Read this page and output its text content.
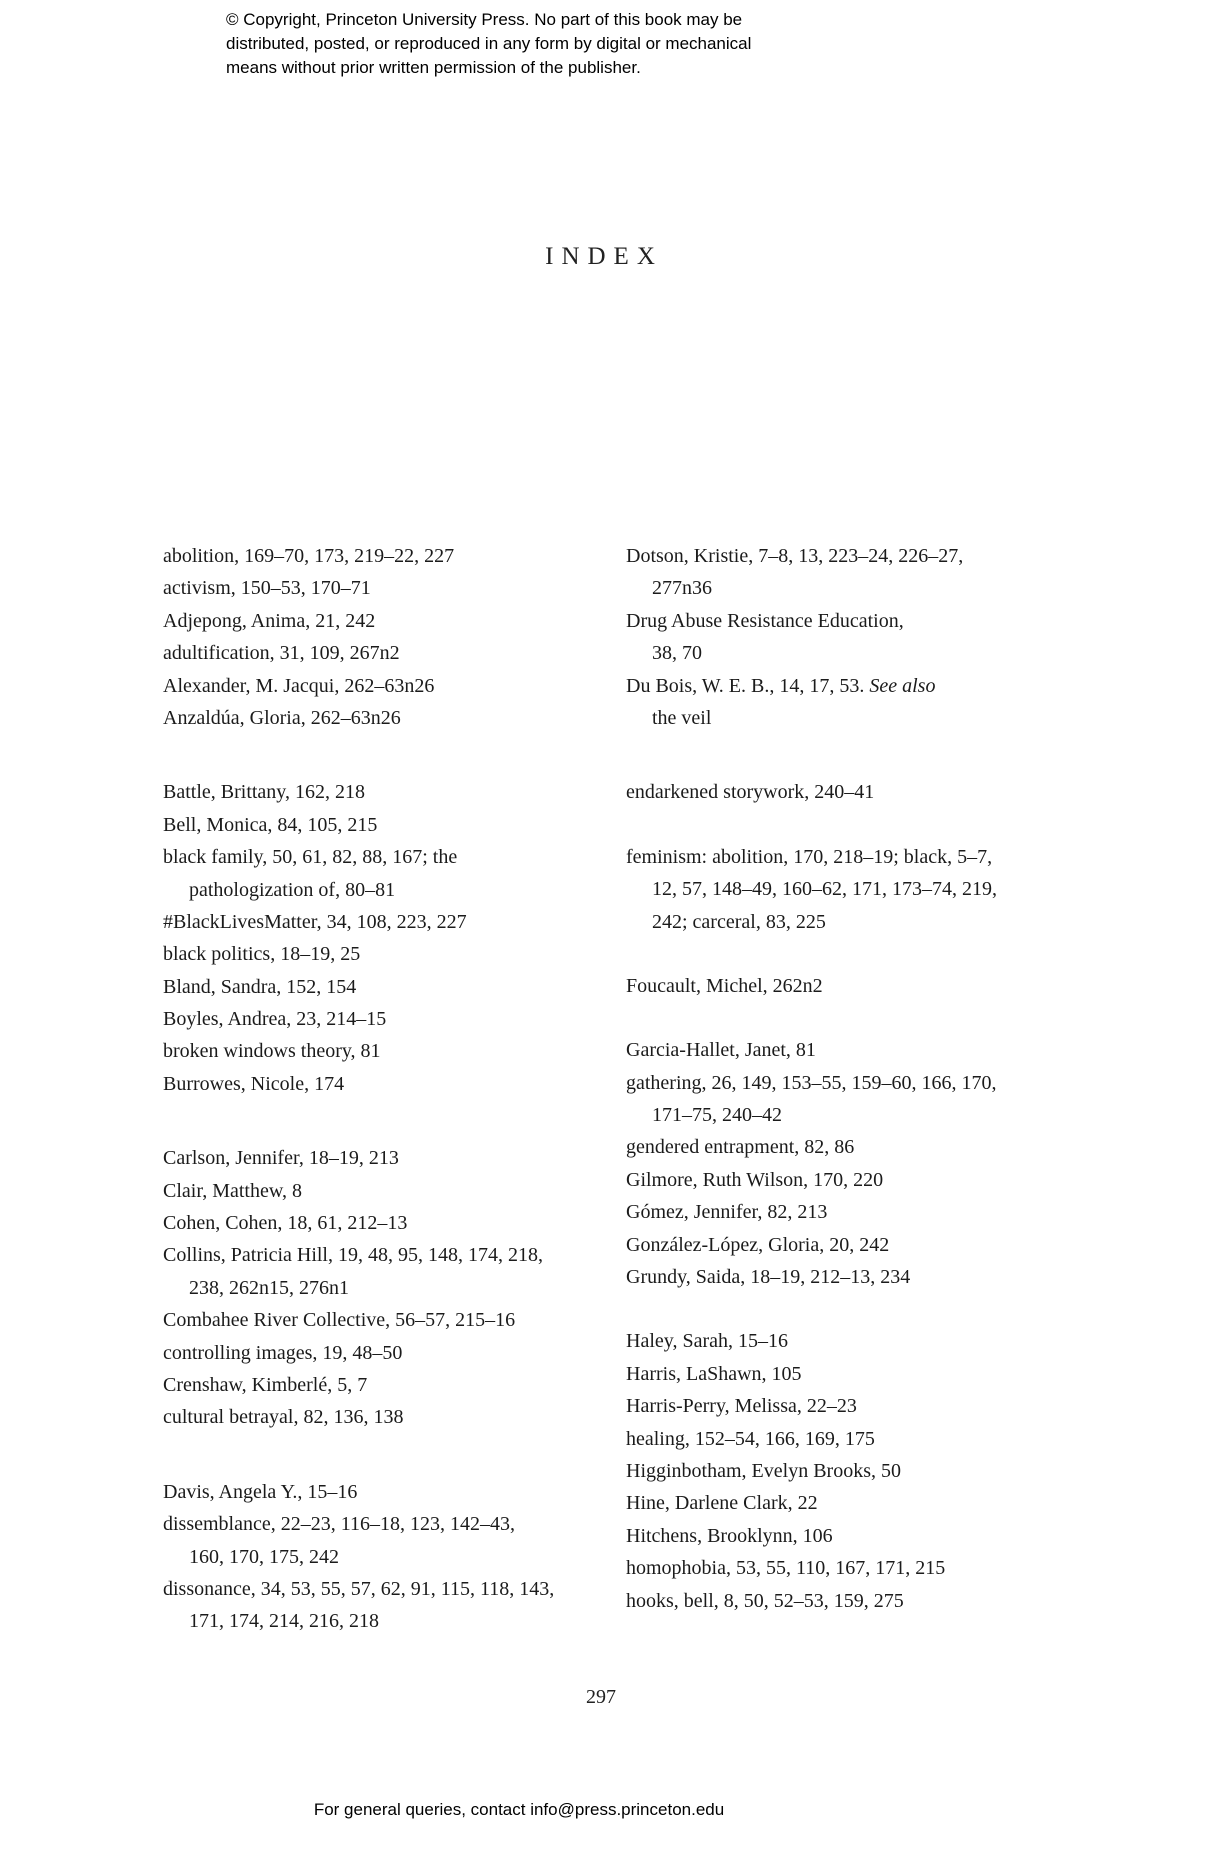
© Copyright, Princeton University Press. No part of this book may be
distributed, posted, or reproduced in any form by digital or mechanical
means without prior written permission of the publisher.
INDEX
abolition, 169–70, 173, 219–22, 227
activism, 150–53, 170–71
Adjepong, Anima, 21, 242
adultification, 31, 109, 267n2
Alexander, M. Jacqui, 262–63n26
Anzaldúa, Gloria, 262–63n26
Battle, Brittany, 162, 218
Bell, Monica, 84, 105, 215
black family, 50, 61, 82, 88, 167; the
pathologization of, 80–81
#BlackLivesMatter, 34, 108, 223, 227
black politics, 18–19, 25
Bland, Sandra, 152, 154
Boyles, Andrea, 23, 214–15
broken windows theory, 81
Burrowes, Nicole, 174
Carlson, Jennifer, 18–19, 213
Clair, Matthew, 8
Cohen, Cohen, 18, 61, 212–13
Collins, Patricia Hill, 19, 48, 95, 148, 174, 218,
238, 262n15, 276n1
Combahee River Collective, 56–57, 215–16
controlling images, 19, 48–50
Crenshaw, Kimberlé, 5, 7
cultural betrayal, 82, 136, 138
Davis, Angela Y., 15–16
dissemblance, 22–23, 116–18, 123, 142–43,
160, 170, 175, 242
dissonance, 34, 53, 55, 57, 62, 91, 115, 118, 143,
171, 174, 214, 216, 218
Dotson, Kristie, 7–8, 13, 223–24, 226–27,
277n36
Drug Abuse Resistance Education,
38, 70
Du Bois, W. E. B., 14, 17, 53. See also
the veil
endarkened storywork, 240–41
feminism: abolition, 170, 218–19; black, 5–7,
12, 57, 148–49, 160–62, 171, 173–74, 219,
242; carceral, 83, 225
Foucault, Michel, 262n2
Garcia-Hallet, Janet, 81
gathering, 26, 149, 153–55, 159–60, 166, 170,
171–75, 240–42
gendered entrapment, 82, 86
Gilmore, Ruth Wilson, 170, 220
Gómez, Jennifer, 82, 213
González-López, Gloria, 20, 242
Grundy, Saida, 18–19, 212–13, 234
Haley, Sarah, 15–16
Harris, LaShawn, 105
Harris-Perry, Melissa, 22–23
healing, 152–54, 166, 169, 175
Higginbotham, Evelyn Brooks, 50
Hine, Darlene Clark, 22
Hitchens, Brooklynn, 106
homophobia, 53, 55, 110, 167, 171, 215
hooks, bell, 8, 50, 52–53, 159, 275
297
For general queries, contact info@press.princeton.edu
